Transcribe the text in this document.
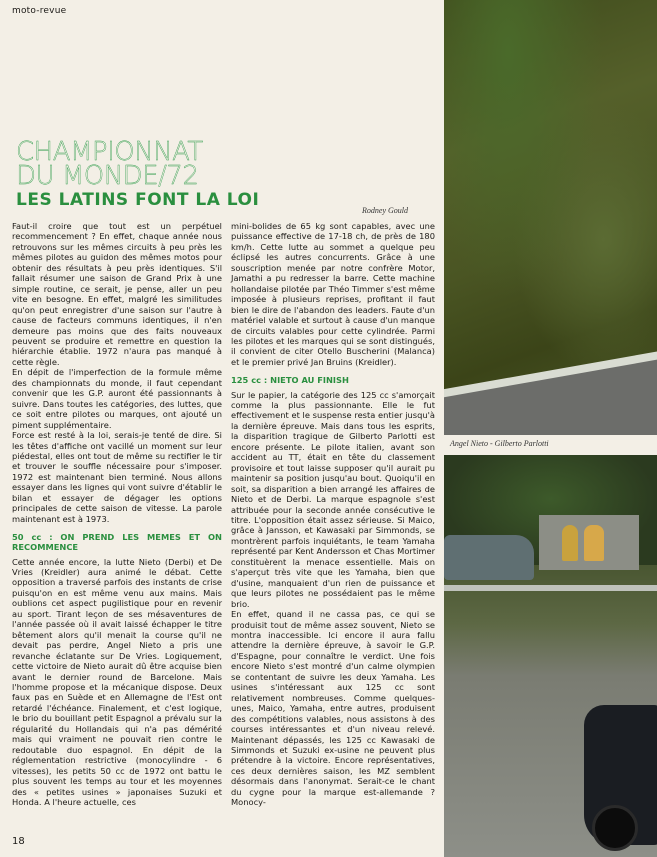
moto-revue
CHAMPIONNAT
DU MONDE/72
LES LATINS FONT LA LOI
Rodney Gould

Faut-il croire que tout est un perpétuel recommencement ? En effet, chaque année nous retrouvons sur les mêmes circuits à peu près les mêmes pilotes au guidon des mêmes motos pour obtenir des résultats à peu près identiques. S'il fallait résumer une saison de Grand Prix à une simple routine, ce serait, je pense, aller un peu vite en besogne. En effet, malgré les similitudes qu'on peut enregistrer d'une saison sur l'autre à cause de facteurs communs identiques, il n'en demeure pas moins que des faits nouveaux peuvent se produire et remettre en question la hiérarchie établie. 1972 n'aura pas manqué à cette règle.

En dépit de l'imperfection de la formule même des championnats du monde, il faut cependant convenir que les G.P. auront été passionnants à suivre. Dans toutes les catégories, des luttes, que ce soit entre pilotes ou marques, ont ajouté un piment supplémentaire.

Force est resté à la loi, serais-je tenté de dire. Si les têtes d'affiche ont vacillé un moment sur leur piédestal, elles ont tout de même su rectifier le tir et trouver le souffle nécessaire pour s'imposer. 1972 est maintenant bien terminé. Nous allons essayer dans les lignes qui vont suivre d'établir le bilan et essayer de dégager les options principales de cette saison de vitesse. La parole maintenant est à 1973.

50 cc : ON PREND LES MEMES ET ON RECOMMENCE

Cette année encore, la lutte Nieto (Derbi) et De Vries (Kreidler) aura animé le débat. Cette opposition a traversé parfois des instants de crise puisqu'on en est même venu aux mains. Mais oublions cet aspect pugilistique pour en revenir au sport. Tirant leçon de ses mésaventures de l'année passée où il avait laissé échapper le titre bêtement alors qu'il menait la course qu'il ne devait pas perdre, Angel Nieto a pris une revanche éclatante sur De Vries. Logiquement, cette victoire de Nieto aurait dû être acquise bien avant le dernier round de Barcelone. Mais l'homme propose et la mécanique dispose. Deux faux pas en Suède et en Allemagne de l'Est ont retardé l'échéance. Finalement, et c'est logique, le brio du bouillant petit Espagnol a prévalu sur la régularité du Hollandais qui n'a pas démérité mais qui vraiment ne pouvait rien contre le redoutable duo espagnol. En dépit de la réglementation restrictive (monocylindre - 6 vitesses), les petits 50 cc de 1972 ont battu le plus souvent les temps au tour et les moyennes des « petites usines » japonaises Suzuki et Honda. A l'heure actuelle, ces

mini-bolides de 65 kg sont capables, avec une puissance effective de 17-18 ch, de près de 180 km/h. Cette lutte au sommet a quelque peu éclipsé les autres concurrents. Grâce à une souscription menée par notre confrère Motor, Jamathi a pu redresser la barre. Cette machine hollandaise pilotée par Théo Timmer s'est même imposée à plusieurs reprises, profitant il faut bien le dire de l'abandon des leaders. Faute d'un matériel valable et surtout à cause d'un manque de circuits valables pour cette cylindrée. Parmi les pilotes et les marques qui se sont distingués, il convient de citer Otello Buscherini (Malanca) et le premier privé Jan Bruins (Kreidler).

125 cc : NIETO AU FINISH

Sur le papier, la catégorie des 125 cc s'amorçait comme la plus passionnante. Elle le fut effectivement et le suspense resta entier jusqu'à la dernière épreuve. Mais dans tous les esprits, la disparition tragique de Gilberto Parlotti est encore présente. Le pilote italien, avant son accident au TT, était en tête du classement provisoire et tout laisse supposer qu'il aurait pu maintenir sa position jusqu'au bout. Quoiqu'il en soit, sa disparition a bien arrangé les affaires de Nieto et de Derbi. La marque espagnole s'est attribuée pour la seconde année consécutive le titre. L'opposition était assez sérieuse. Si Maico, grâce à Jansson, et Kawasaki par Simmonds, se montrèrent parfois inquiétants, le team Yamaha représenté par Kent Andersson et Chas Mortimer constituèrent la menace essentielle. Mais on s'aperçut très vite que les Yamaha, bien que d'usine, manquaient d'un rien de puissance et que leurs pilotes ne possédaient pas le même brio.

En effet, quand il ne cassa pas, ce qui se produisit tout de même assez souvent, Nieto se montra inaccessible. Ici encore il aura fallu attendre la dernière épreuve, à savoir le G.P. d'Espagne, pour connaître le verdict. Une fois encore Nieto s'est montré d'un calme olympien se contentant de suivre les deux Yamaha. Les usines s'intéressant aux 125 cc sont relativement nombreuses. Comme quelques-unes, Maico, Yamaha, entre autres, produisent des compétitions valables, nous assistons à des courses intéressantes et d'un niveau relevé. Maintenant dépassés, les 125 cc Kawasaki de Simmonds et Suzuki ex-usine ne peuvent plus prétendre à la victoire. Encore représentatives, ces deux dernières saison, les MZ semblent désormais dans l'anonymat. Serait-ce le chant du cygne pour la marque est-allemande ? Monocy-

Angel Nieto - Gilberto Parlotti
18
